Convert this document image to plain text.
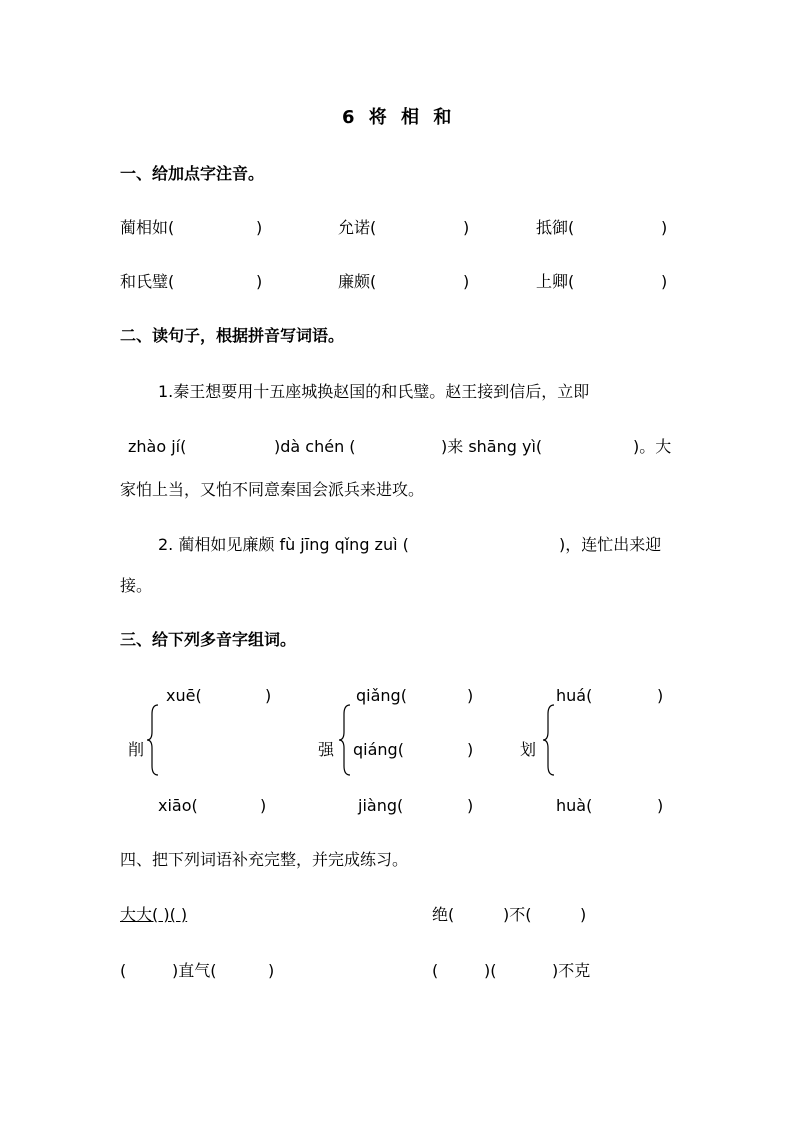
6 将 相 和
一、给加点字注音。
蔺相如(	)	允诺(	)	抵御(	)
和氏璧(	)	廉颇(	)	上卿(	)
二、读句子，根据拼音写词语。
1.秦王想要用十五座城换赵国的和氏璧。赵王接到信后，立即
zhào jí(	)dà chén (	)来 shāng yì(	)。大
家怕上当，又怕不同意秦国会派兵来进攻。
2. 蔺相如见廉颇 fù jīng qǐng zuì (	)，连忙出来迎
接。
三、给下列多音字组词。
xuē(	)
削
xiāo(	)
qiǎng(	)
强 qiáng(	)
jiàng(	)
huá(	)
划
huà(	)
四、把下列词语补充完整，并完成练习。
大大( )( )	绝(	)不(	)
(	)直气(	)	(	)(	)不克
